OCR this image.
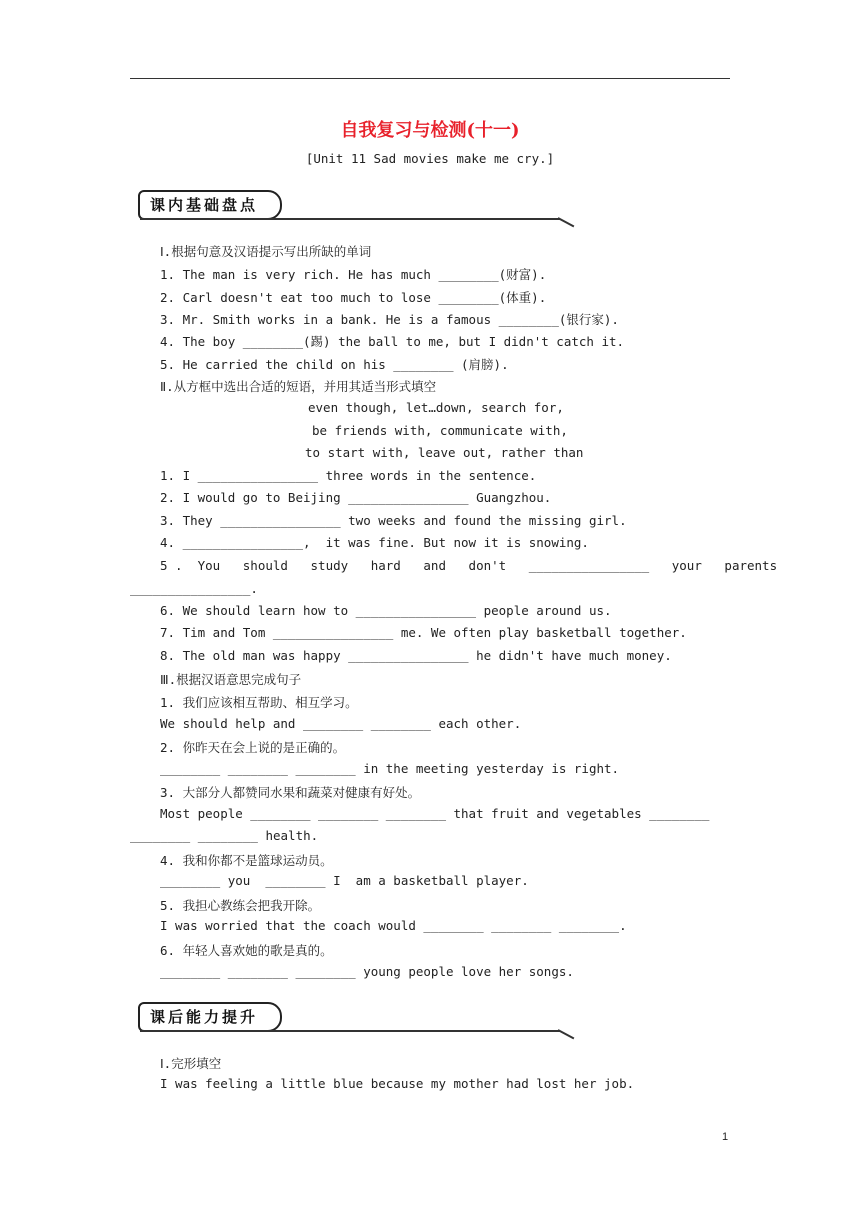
自我复习与检测(十一)
[Unit 11 Sad movies make me cry.]
课内基础盘点
Ⅰ.根据句意及汉语提示写出所缺的单词
1. The man is very rich. He has much ________(财富).
2. Carl doesn't eat too much to lose ________(体重).
3. Mr. Smith works in a bank. He is a famous ________(银行家).
4. The boy ________(踢) the ball to me, but I didn't catch it.
5. He carried the child on his ________ (肩膀).
Ⅱ.从方框中选出合适的短语，并用其适当形式填空
even though, let…down, search for,
be friends with, communicate with,
to start with, leave out, rather than
1. I ________________ three words in the sentence.
2. I would go to Beijing ________________ Guangzhou.
3. They ________________ two weeks and found the missing girl.
4. ________________,  it was fine. But now it is snowing.
5 .  You   should   study   hard   and   don't   ________________   your   parents
________________.
6. We should learn how to ________________ people around us.
7. Tim and Tom ________________ me. We often play basketball together.
8. The old man was happy ________________ he didn't have much money.
Ⅲ.根据汉语意思完成句子
1. 我们应该相互帮助、相互学习。
We should help and ________ ________ each other.
2. 你昨天在会上说的是正确的。
________ ________ ________ in the meeting yesterday is right.
3. 大部分人都赞同水果和蔬菜对健康有好处。
Most people ________ ________ ________ that fruit and vegetables ________
________ ________ health.
4. 我和你都不是篮球运动员。
________ you  ________ I  am a basketball player.
5. 我担心教练会把我开除。
I was worried that the coach would ________ ________ ________.
6. 年轻人喜欢她的歌是真的。
________ ________ ________ young people love her songs.
课后能力提升
Ⅰ.完形填空
I was feeling a little blue because my mother had lost her job.
1
